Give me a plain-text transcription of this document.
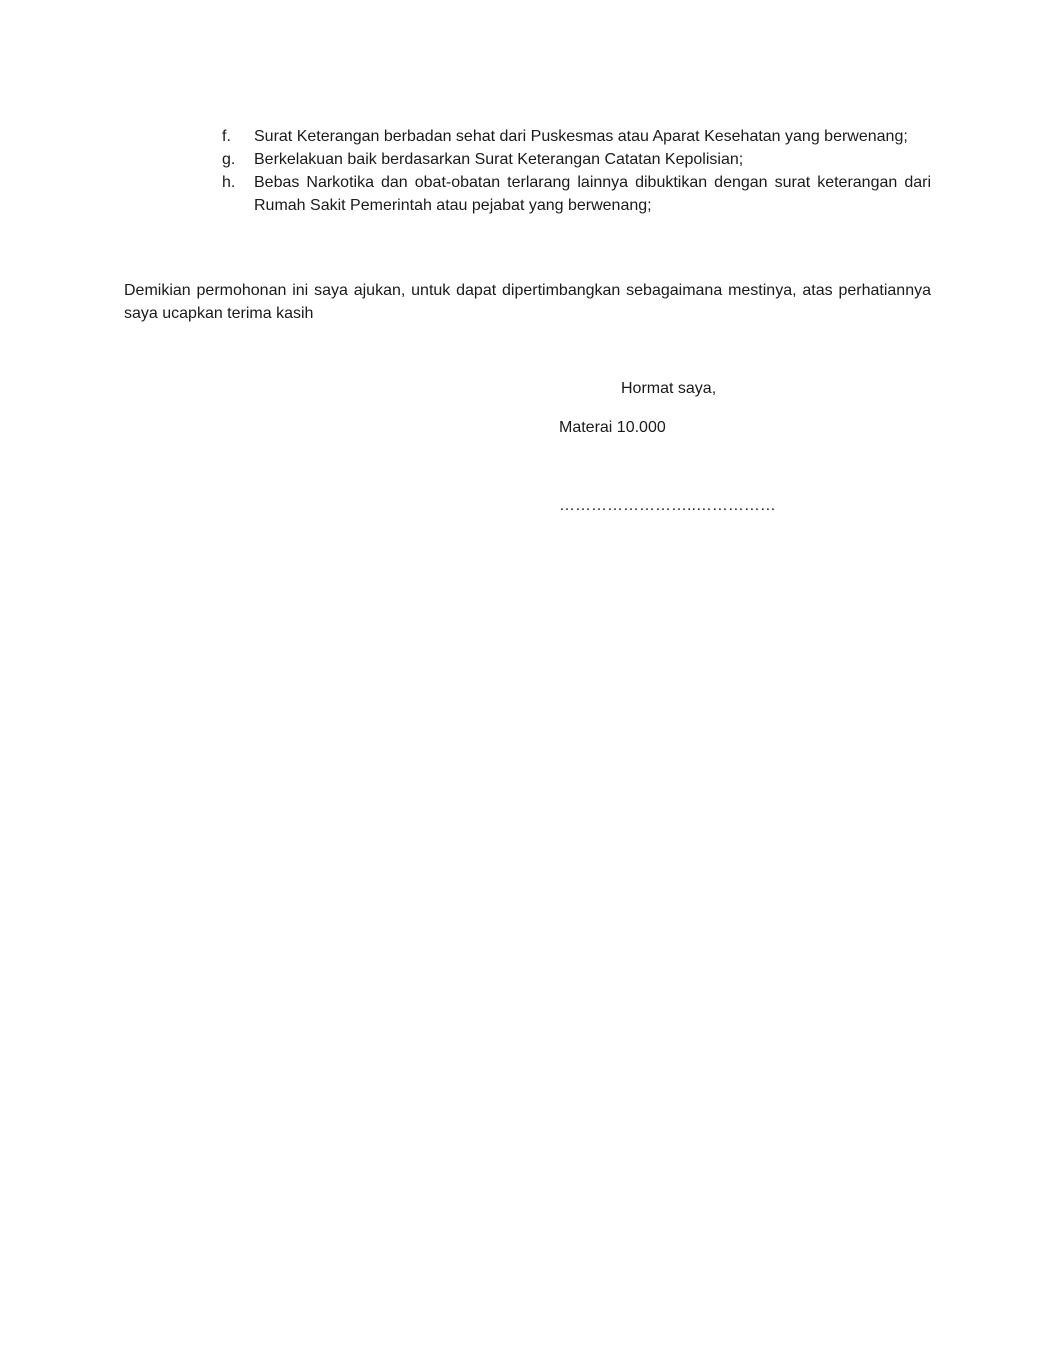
f.	Surat Keterangan berbadan sehat dari Puskesmas atau Aparat Kesehatan yang berwenang;
g.	Berkelakuan baik berdasarkan Surat Keterangan Catatan Kepolisian;
h.	Bebas Narkotika dan obat-obatan terlarang lainnya dibuktikan dengan surat keterangan dari Rumah Sakit Pemerintah atau pejabat yang berwenang;

Demikian permohonan ini saya ajukan, untuk dapat dipertimbangkan sebagaimana mestinya, atas perhatiannya saya ucapkan terima kasih

Hormat saya,
Materai 10.000
……………………..……………
